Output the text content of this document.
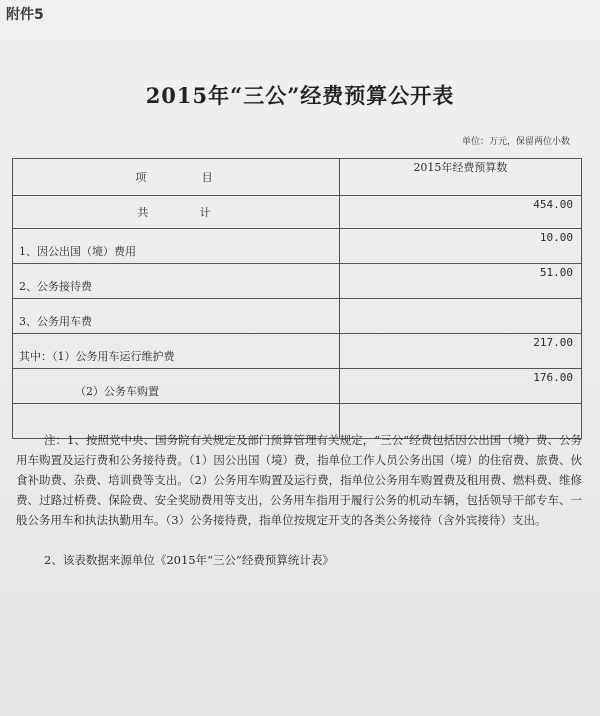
附件5
2015年“三公”经费预算公开表
单位：万元，保留两位小数
项 目	2015年经费预算数
共 计	454.00
1、因公出国（境）费用	10.00
2、公务接待费	51.00
3、公务用车费	
其中：（1）公务用车运行维护费	217.00
（2）公务车购置	176.00

注：1、按照党中央、国务院有关规定及部门预算管理有关规定，“三公”经费包括因公出国（境）费、公务用车购置及运行费和公务接待费。（1）因公出国（境）费，指单位工作人员公务出国（境）的住宿费、旅费、伙食补助费、杂费、培训费等支出。（2）公务用车购置及运行费，指单位公务用车购置费及租用费、燃料费、维修费、过路过桥费、保险费、安全奖励费用等支出，公务用车指用于履行公务的机动车辆，包括领导干部专车、一般公务用车和执法执勤用车。（3）公务接待费，指单位按规定开支的各类公务接待（含外宾接待）支出。

2、该表数据来源单位《2015年“三公”经费预算统计表》
